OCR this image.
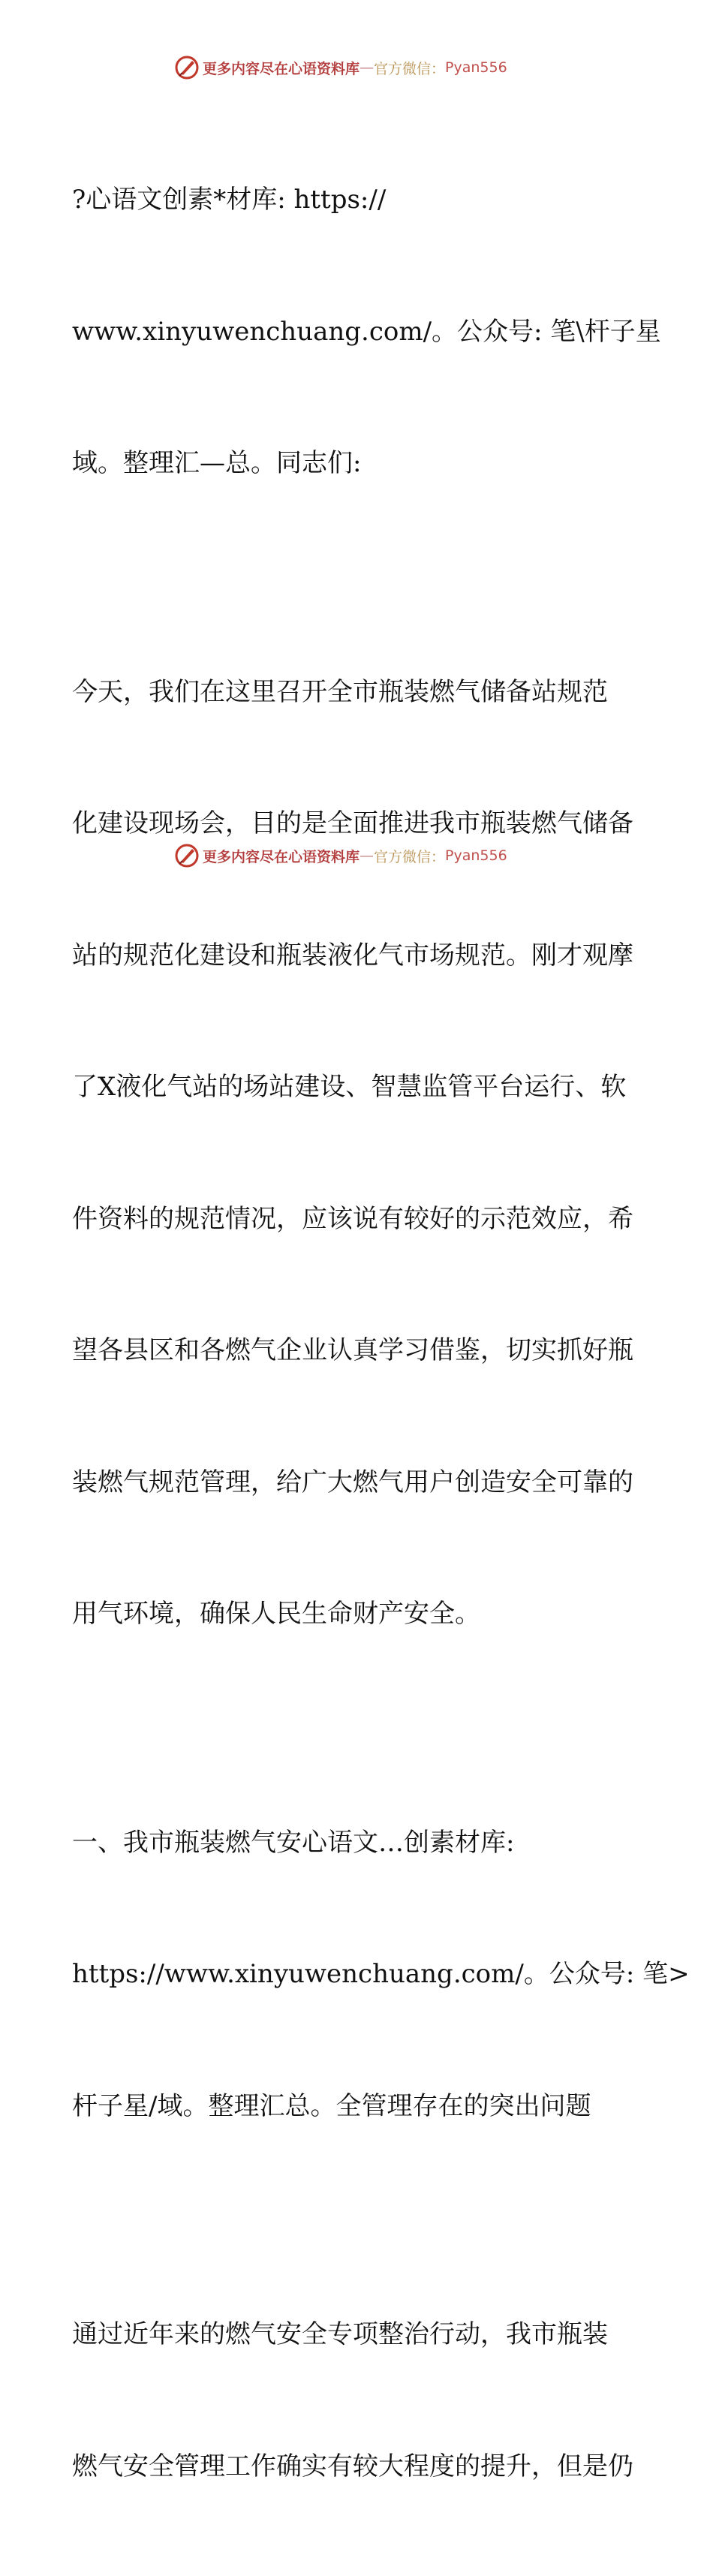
更多内容尽在心语资料库 — 官方微信： Pyan556

?心语文创素*材库: https://

www.xinyuwenchuang.com/。公众号: 笔\杆子星

域。整理汇—总。同志们:

今天，我们在这里召开全市瓶装燃气储备站规范

化建设现场会，目的是全面推进我市瓶装燃气储备

站的规范化建设和瓶装液化气市场规范。刚才观摩

了X液化气站的场站建设、智慧监管平台运行、软

件资料的规范情况，应该说有较好的示范效应，希

望各县区和各燃气企业认真学习借鉴，切实抓好瓶

装燃气规范管理，给广大燃气用户创造安全可靠的

用气环境，确保人民生命财产安全。

一、我市瓶装燃气安心语文…创素材库:

https://www.xinyuwenchuang.com/。公众号: 笔>

杆子星/域。整理汇总。全管理存在的突出问题

通过近年来的燃气安全专项整治行动，我市瓶装

燃气安全管理工作确实有较大程度的提升，但是仍

更多内容尽在心语资料库 — 官方微信： Pyan556
